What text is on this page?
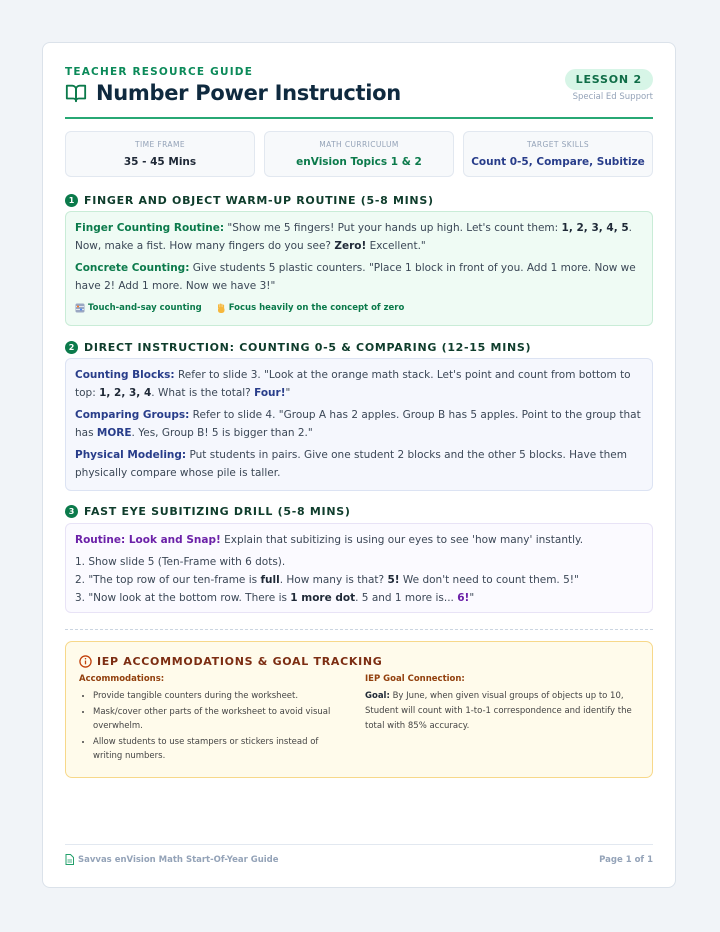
TEACHER RESOURCE GUIDE
Number Power Instruction
LESSON 2
Special Ed Support
TIME FRAME
35 - 45 Mins
MATH CURRICULUM
enVision Topics 1 & 2
TARGET SKILLS
Count 0-5, Compare, Subitize
1 FINGER AND OBJECT WARM-UP ROUTINE (5-8 MINS)

Finger Counting Routine: "Show me 5 fingers! Put your hands up high. Let's count them: 1, 2, 3, 4, 5. Now, make a fist. How many fingers do you see? Zero! Excellent."

Concrete Counting: Give students 5 plastic counters. "Place 1 block in front of you. Add 1 more. Now we have 2! Add 1 more. Now we have 3!"

Touch-and-say counting	Focus heavily on the concept of zero
2 DIRECT INSTRUCTION: COUNTING 0-5 & COMPARING (12-15 MINS)

Counting Blocks: Refer to slide 3. "Look at the orange math stack. Let's point and count from bottom to top: 1, 2, 3, 4. What is the total? Four!"

Comparing Groups: Refer to slide 4. "Group A has 2 apples. Group B has 5 apples. Point to the group that has MORE. Yes, Group B! 5 is bigger than 2."

Physical Modeling: Put students in pairs. Give one student 2 blocks and the other 5 blocks. Have them physically compare whose pile is taller.

3 FAST EYE SUBITIZING DRILL (5-8 MINS)

Routine: Look and Snap! Explain that subitizing is using our eyes to see 'how many' instantly.

1. Show slide 5 (Ten-Frame with 6 dots).
2. "The top row of our ten-frame is full. How many is that? 5! We don't need to count them. 5!"
3. "Now look at the bottom row. There is 1 more dot. 5 and 1 more is... 6!"
IEP ACCOMMODATIONS & GOAL TRACKING
Accommodations:
• Provide tangible counters during the worksheet.
• Mask/cover other parts of the worksheet to avoid visual overwhelm.
• Allow students to use stampers or stickers instead of writing numbers.
IEP Goal Connection:
Goal: By June, when given visual groups of objects up to 10, Student will count with 1-to-1 correspondence and identify the total with 85% accuracy.
Savvas enVision Math Start-Of-Year Guide	Page 1 of 1
